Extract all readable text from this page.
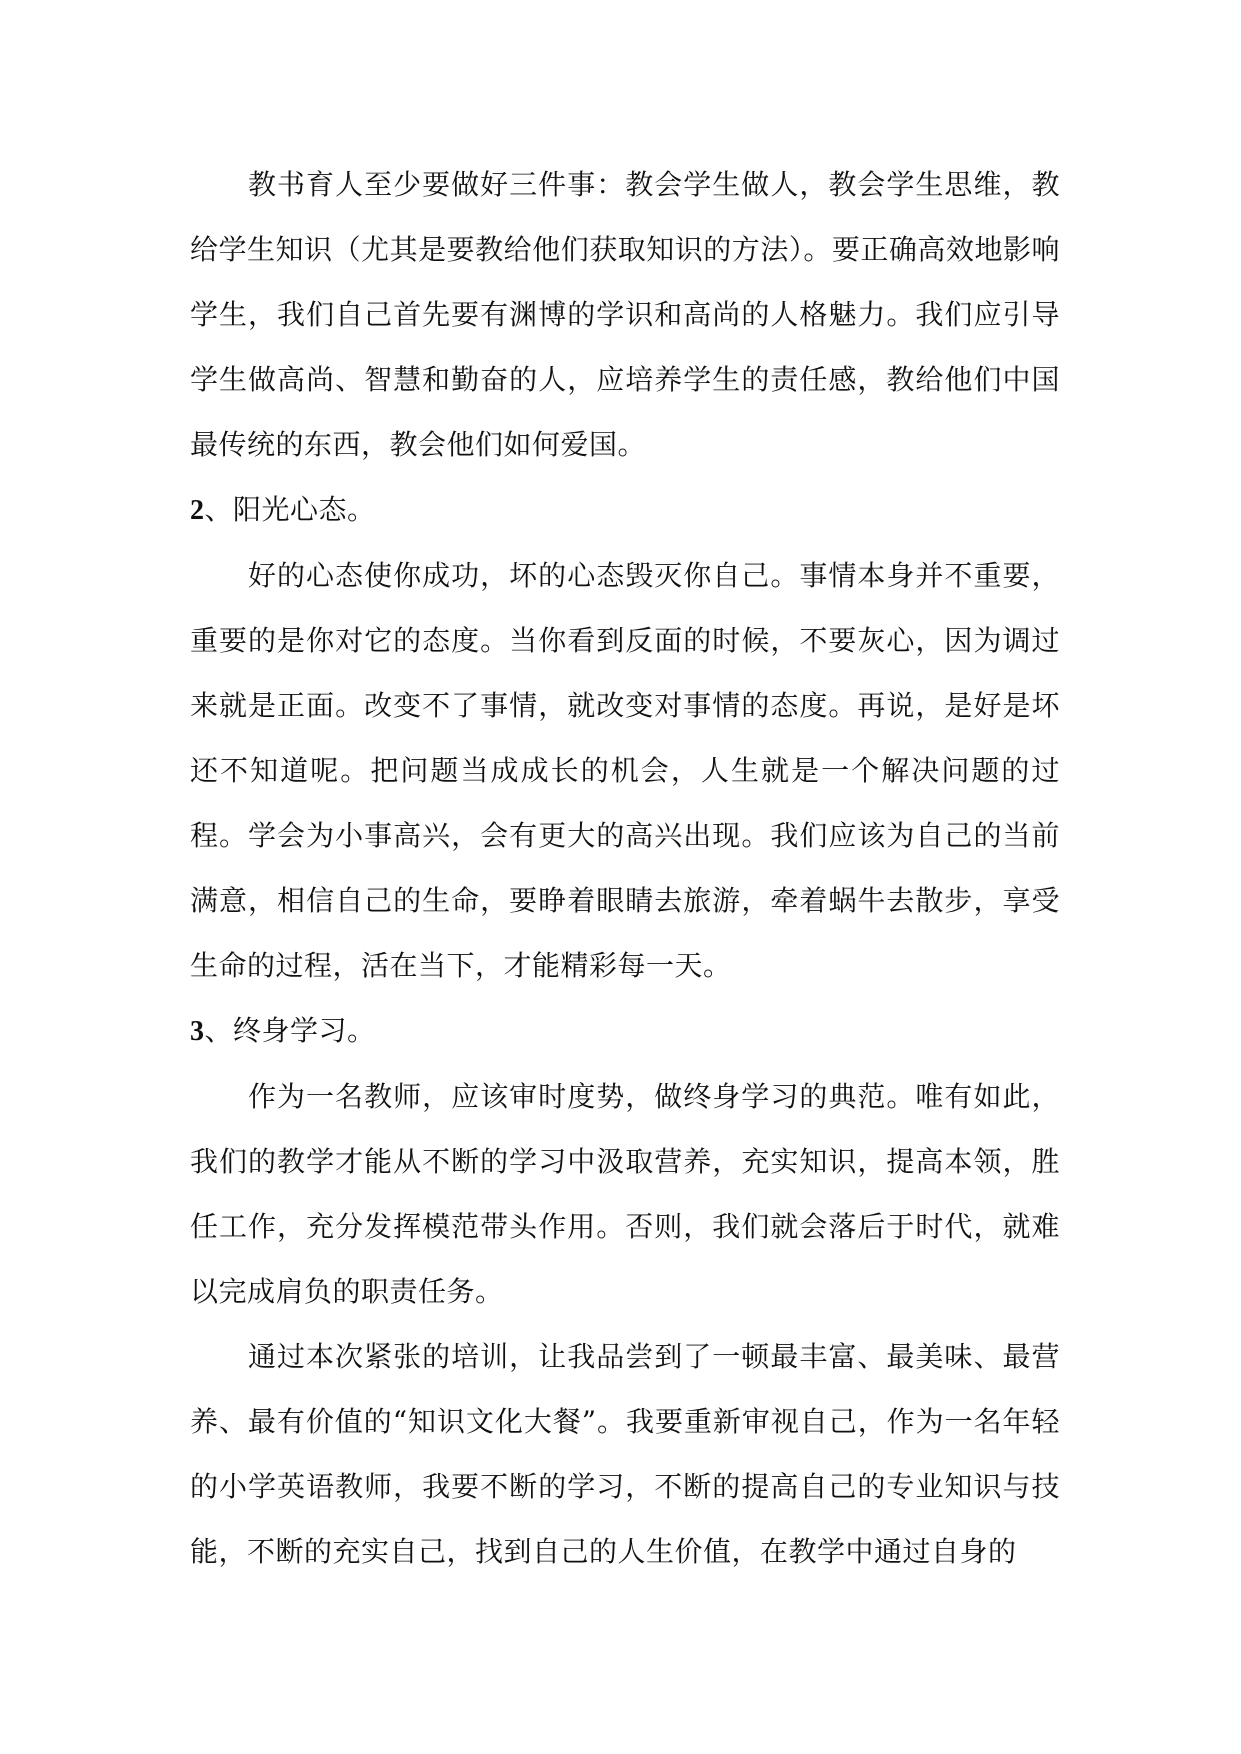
教书育人至少要做好三件事：教会学生做人，教会学生思维，教给学生知识（尤其是要教给他们获取知识的方法）。要正确高效地影响学生，我们自己首先要有渊博的学识和高尚的人格魅力。我们应引导学生做高尚、智慧和勤奋的人，应培养学生的责任感，教给他们中国最传统的东西，教会他们如何爱国。

2、阳光心态。

好的心态使你成功，坏的心态毁灭你自己。事情本身并不重要，重要的是你对它的态度。当你看到反面的时候，不要灰心，因为调过来就是正面。改变不了事情，就改变对事情的态度。再说，是好是坏还不知道呢。把问题当成成长的机会，人生就是一个解决问题的过程。学会为小事高兴，会有更大的高兴出现。我们应该为自己的当前满意，相信自己的生命，要睁着眼睛去旅游，牵着蜗牛去散步，享受生命的过程，活在当下，才能精彩每一天。

3、终身学习。

作为一名教师，应该审时度势，做终身学习的典范。唯有如此，我们的教学才能从不断的学习中汲取营养，充实知识，提高本领，胜任工作，充分发挥模范带头作用。否则，我们就会落后于时代，就难以完成肩负的职责任务。

通过本次紧张的培训，让我品尝到了一顿最丰富、最美味、最营养、最有价值的“知识文化大餐”。我要重新审视自己，作为一名年轻的小学英语教师，我要不断的学习，不断的提高自己的专业知识与技能，不断的充实自己，找到自己的人生价值，在教学中通过自身的
